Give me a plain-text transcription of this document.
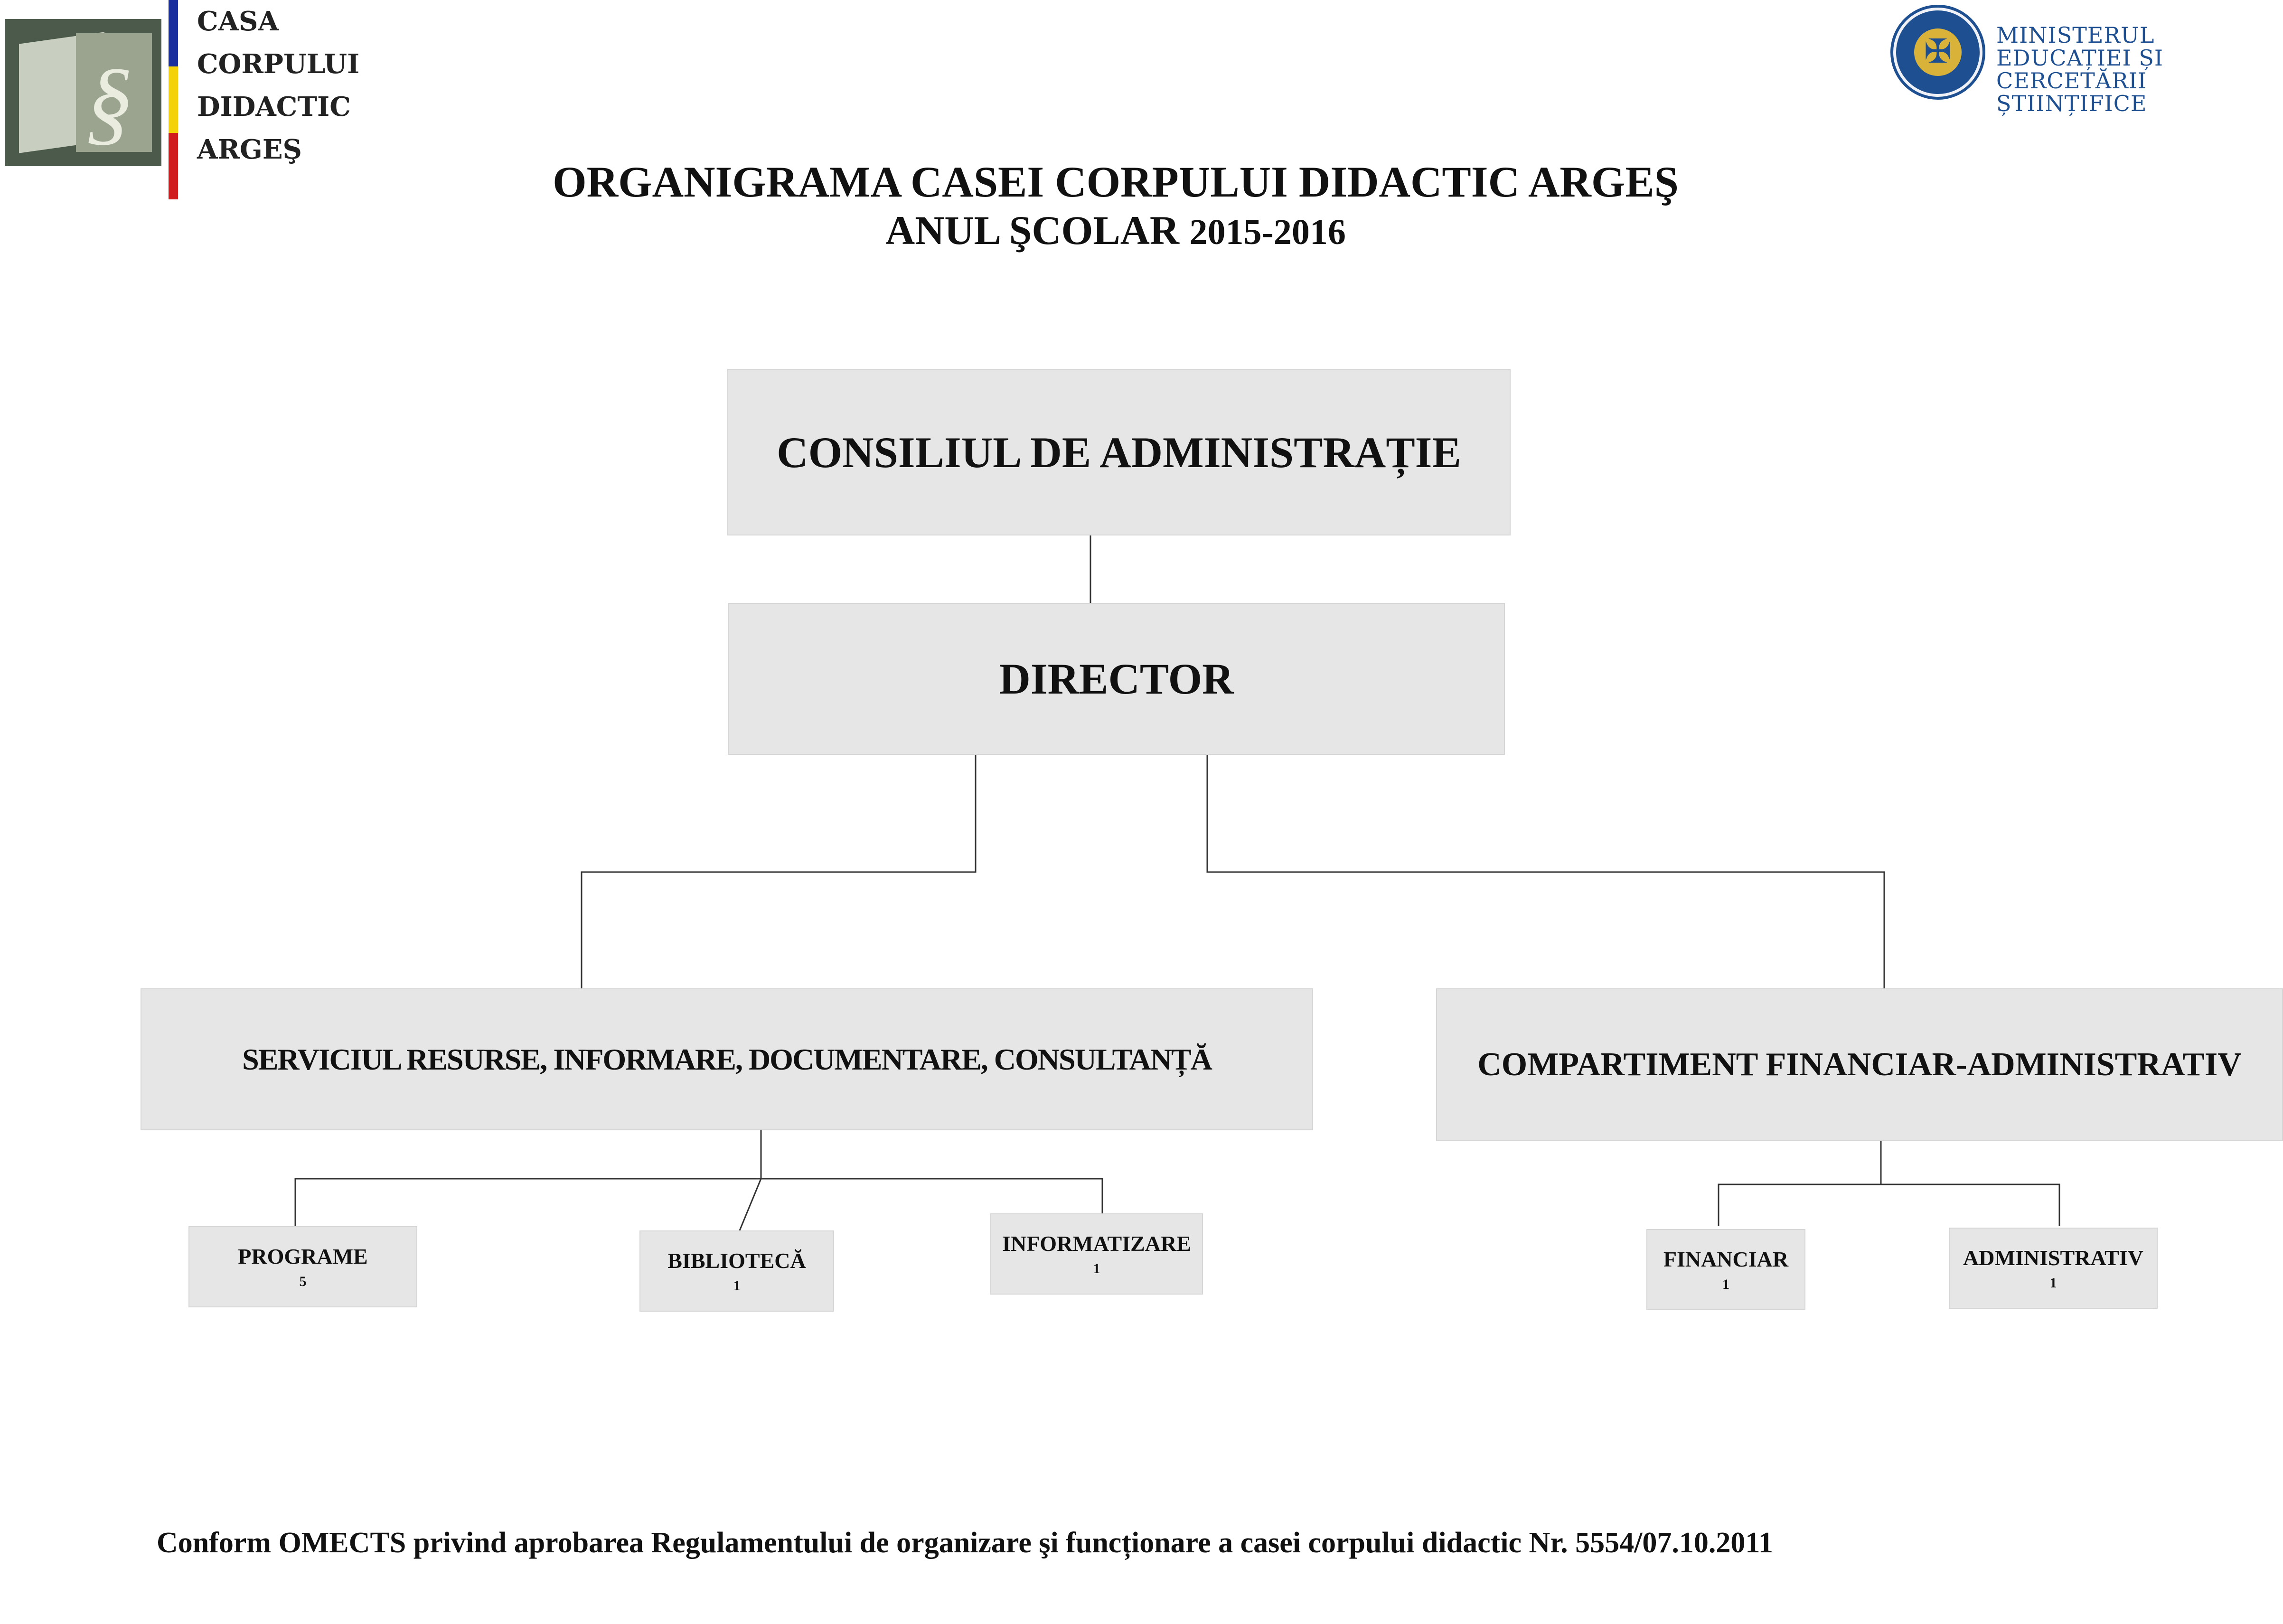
§
CASA
CORPULUI
DIDACTIC
ARGEŞ
✠ MINISTERUL EDUCAȚIEI ȘI
CERCETĂRII ȘTIINȚIFICE
ORGANIGRAMA CASEI CORPULUI DIDACTIC ARGEŞ
ANUL ŞCOLAR 2015-2016
CONSILIUL DE ADMINISTRAȚIE
DIRECTOR
SERVICIUL RESURSE, INFORMARE, DOCUMENTARE, CONSULTANȚĂ	COMPARTIMENT FINANCIAR-ADMINISTRATIV
PROGRAME
5
BIBLIOTECĂ
1
INFORMATIZARE
1	FINANCIAR
1
ADMINISTRATIV
1
Conform OMECTS privind aprobarea Regulamentului de organizare şi funcționare a casei corpului didactic Nr. 5554/07.10.2011
